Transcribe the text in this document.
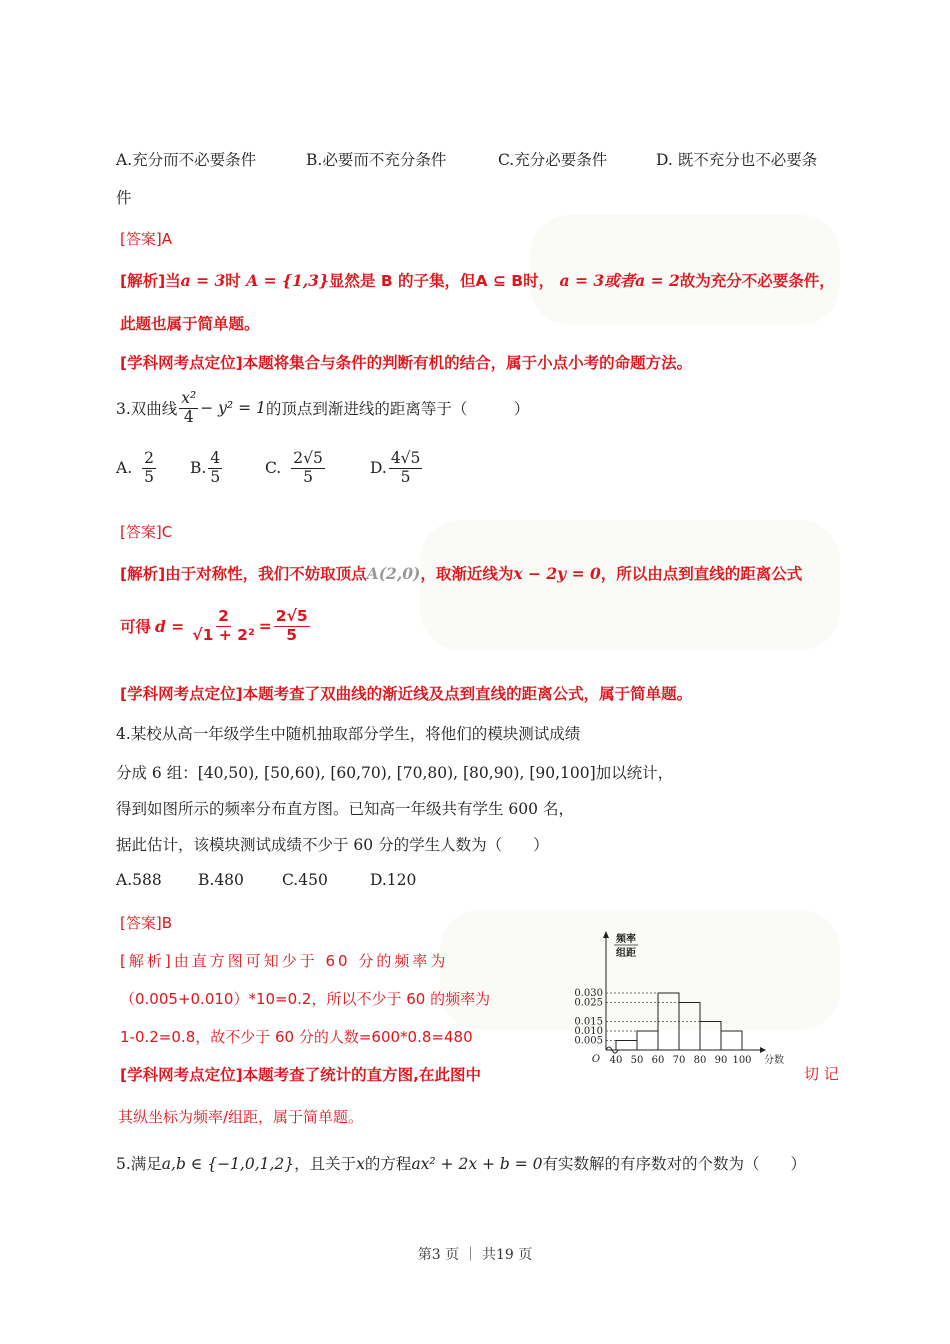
A.充分而不必要条件	B.必要而不充分条件	C.充分必要条件	D. 既不充分也不必要条
件
[答案]A
[解析]当a = 3时 A = {1,3}显然是 B 的子集，但A ⊆ B时， a = 3或者a = 2故为充分不必要条件，
此题也属于简单题。
[学科网考点定位]本题将集合与条件的判断有机的结合，属于小点小考的命题方法。
3.双曲线 $\frac{\text{x²}}{4} - y^2 = 1$ 的顶点到渐进线的距离等于（　　　）
A. $\frac{2}{5} B$. $\frac{4}{5}$	C. $\frac{2√5}{5}$	D. $\frac{4√5}{5}$
[答案]C
[解析]由于对称性，我们不妨取顶点A(2,0)，取渐近线为x − 2y = 0，所以由点到直线的距离公式
可得 $d = \frac{2}{\text{√1 + 2²}} = \frac{2√5}{5}$
[学科网考点定位]本题考查了双曲线的渐近线及点到直线的距离公式，属于简单题。
4.某校从高一年级学生中随机抽取部分学生，将他们的模块测试成绩
分成 6 组：[40,50), [50,60), [60,70), [70,80), [80,90), [90,100]加以统计，
得到如图所示的频率分布直方图。已知高一年级共有学生 600 名，
据此估计，该模块测试成绩不少于 60 分的学生人数为（　　）
A.588 B.480 C.450	D.120
[答案]B
[解析]由直方图可知少于 60 分的频率为
（0.005+0.010）*10=0.2，所以不少于 60 的频率为
1-0.2=0.8，故不少于 60 分的人数=600*0.8=480
[学科网考点定位]本题考查了统计的直方图,在此图中	切 记
其纵坐标为频率/组距，属于简单题。
0.030
0.025
0.015
0.010
0.005
40 50 60 70 80 90 100 分数
O
频率
组距
5.满足a,b ∈ {−1,0,1,2}，且关于x的方程ax² + 2x + b = 0有实数解的有序数对的个数为（　　）
第3 页 ｜ 共19 页
